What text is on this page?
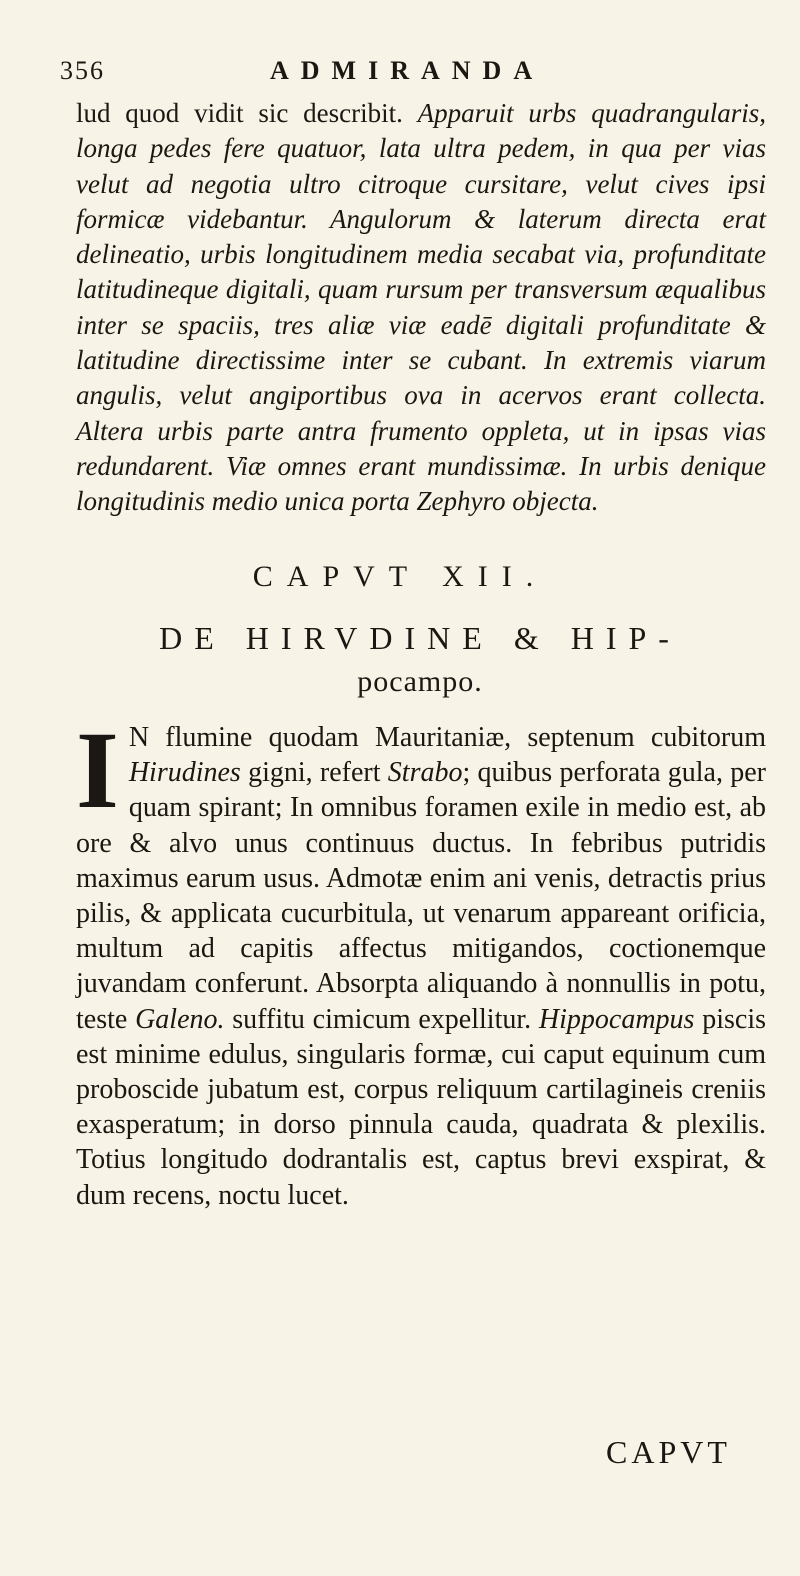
356	ADMIRANDA

lud quod vidit sic describit. Apparuit urbs quadrangularis, longa pedes fere quatuor, lata ultra pedem, in qua per vias velut ad negotia ultro citroque cursitare, velut cives ipsi formicæ videbantur. Angulorum & laterum directa erat delineatio, urbis longitudinem media secabat via, profunditate latitudineque digitali, quam rursum per transversum æqualibus inter se spaciis, tres aliæ viæ eadē digitali profunditate & latitudine directissime inter se cubant. In extremis viarum angulis, velut angiportibus ova in acervos erant collecta. Altera urbis parte antra frumento oppleta, ut in ipsas vias redundarent. Viæ omnes erant mundissimæ. In urbis denique longitudinis medio unica porta Zephyro objecta.

CAPVT XII.
DE HIRVDINE & HIP-
pocampo.

I N flumine quodam Mauritaniæ, septenum cubitorum Hirudines gigni, refert Strabo; quibus perforata gula, per quam spirant; In omnibus foramen exile in medio est, ab ore & alvo unus continuus ductus. In febribus putridis maximus earum usus. Admotæ enim ani venis, detractis prius pilis, & applicata cucurbitula, ut venarum appareant orificia, multum ad capitis affectus mitigandos, coctionemque juvandam conferunt. Absorpta aliquando à nonnullis in potu, teste Galeno. suffitu cimicum expellitur. Hippocampus piscis est minime edulus, singularis formæ, cui caput equinum cum proboscide jubatum est, corpus reliquum cartilagineis creniis exasperatum; in dorso pinnula cauda, quadrata & plexilis. Totius longitudo dodrantalis est, captus brevi exspirat, & dum recens, noctu lucet.

CAPVT
